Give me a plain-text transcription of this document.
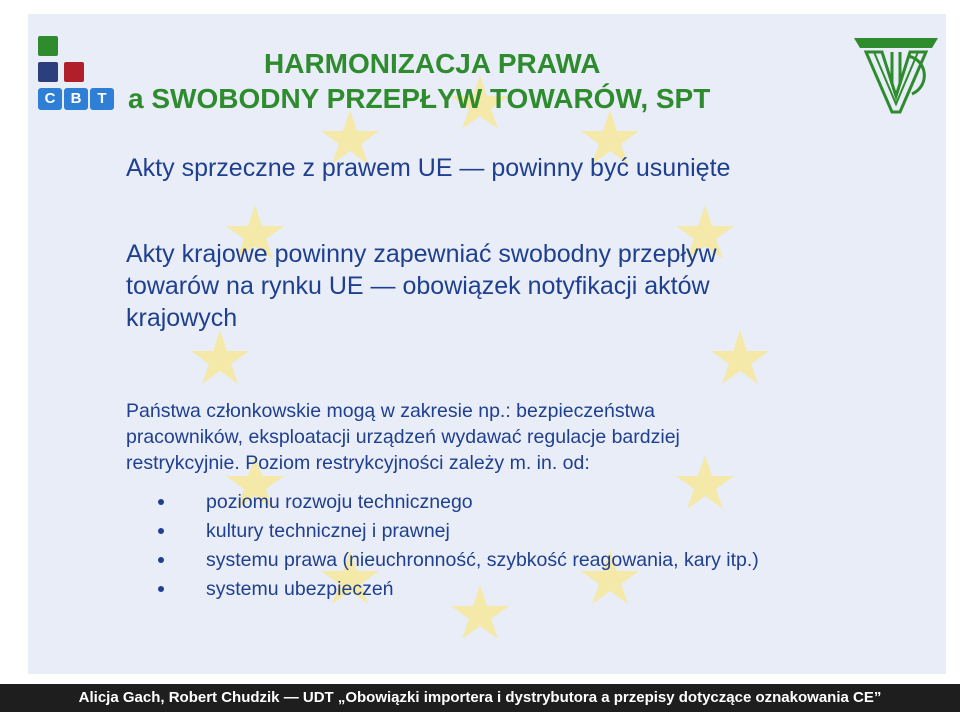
C	B	T
HARMONIZACJA PRAWA
a SWOBODNY PRZEPŁYW TOWARÓW, SPT

Akty sprzeczne z prawem UE — powinny być usunięte

Akty krajowe powinny zapewniać swobodny przepływ
towarów na rynku UE — obowiązek notyfikacji aktów
krajowych

Państwa członkowskie mogą w zakresie np.: bezpieczeństwa
pracowników, eksploatacji urządzeń wydawać regulacje bardziej
restrykcyjnie. Poziom restrykcyjności zależy m. in. od:

poziomu rozwoju technicznego
kultury technicznej i prawnej
systemu prawa (nieuchronność, szybkość reagowania, kary itp.)
systemu ubezpieczeń
Alicja Gach, Robert Chudzik — UDT „Obowiązki importera i dystrybutora a przepisy dotyczące oznakowania CE”
